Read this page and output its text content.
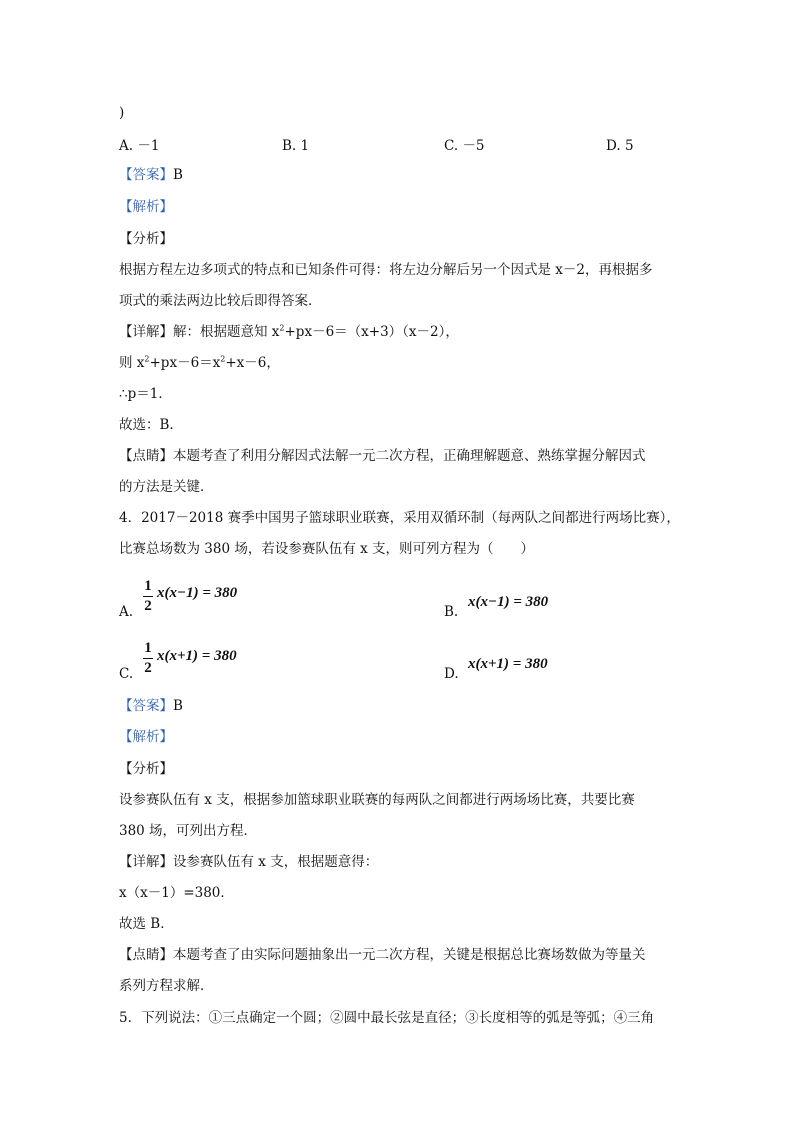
)
A. －1	B. 1	C. －5	D. 5
【答案】B
【解析】
【分析】
根据方程左边多项式的特点和已知条件可得：将左边分解后另一个因式是 x－2，再根据多
项式的乘法两边比较后即得答案．
【详解】解：根据题意知 $x^2+px-6=(x+3)(x-2)$，
则 $x^2+px-6=x^2+x-6$，
∴p＝1．
故选：B．
【点睛】本题考查了利用分解因式法解一元二次方程，正确理解题意、熟练掌握分解因式
的方法是关键．
4．2017－2018 赛季中国男子篮球职业联赛，采用双循环制（每两队之间都进行两场比赛），
比赛总场数为 380 场，若设参赛队伍有 x 支，则可列方程为（　　）
A.
1
2
x(x−1) = 380
B.
x(x−1) = 380
C.
1
2
x(x+1) = 380
D.
x(x+1) = 380
【答案】B
【解析】
【分析】
设参赛队伍有 x 支，根据参加篮球职业联赛的每两队之间都进行两场场比赛，共要比赛
380 场，可列出方程．
【详解】设参赛队伍有 x 支，根据题意得：
x（x－1）=380．
故选 B．
【点睛】本题考查了由实际问题抽象出一元二次方程，关键是根据总比赛场数做为等量关
系列方程求解．
5．下列说法：①三点确定一个圆；②圆中最长弦是直径；③长度相等的弧是等弧；④三角
